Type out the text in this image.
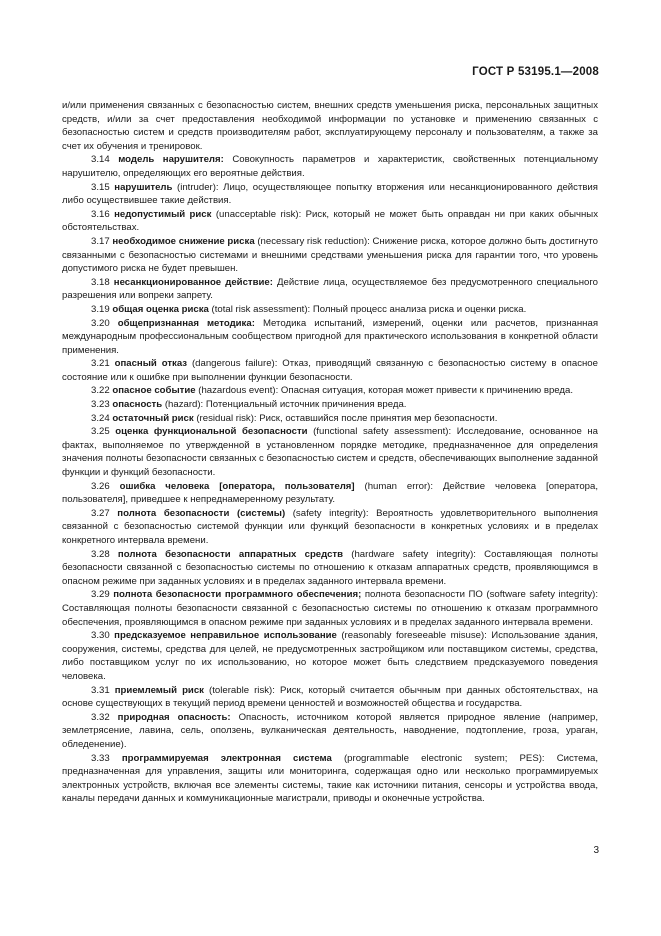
ГОСТ Р 53195.1—2008

и/или применения связанных с безопасностью систем, внешних средств уменьшения риска, персональных защитных средств, и/или за счет предоставления необходимой информации по установке и применению связанных с безопасностью систем и средств производителям работ, эксплуатирующему персоналу и пользователям, а также за счет их обучения и тренировок.

3.14 модель нарушителя: Совокупность параметров и характеристик, свойственных потенциальному нарушителю, определяющих его вероятные действия.

3.15 нарушитель (intruder): Лицо, осуществляющее попытку вторжения или несанкционированного действия либо осуществившее такие действия.

3.16 недопустимый риск (unacceptable risk): Риск, который не может быть оправдан ни при каких обычных обстоятельствах.

3.17 необходимое снижение риска (necessary risk reduction): Снижение риска, которое должно быть достигнуто связанными с безопасностью системами и внешними средствами уменьшения риска для гарантии того, что уровень допустимого риска не будет превышен.

3.18 несанкционированное действие: Действие лица, осуществляемое без предусмотренного специального разрешения или вопреки запрету.

3.19 общая оценка риска (total risk assessment): Полный процесс анализа риска и оценки риска.

3.20 общепризнанная методика: Методика испытаний, измерений, оценки или расчетов, признанная международным профессиональным сообществом пригодной для практического использования в конкретной области применения.

3.21 опасный отказ (dangerous failure): Отказ, приводящий связанную с безопасностью систему в опасное состояние или к ошибке при выполнении функции безопасности.

3.22 опасное событие (hazardous event): Опасная ситуация, которая может привести к причинению вреда.

3.23 опасность (hazard): Потенциальный источник причинения вреда.

3.24 остаточный риск (residual risk): Риск, оставшийся после принятия мер безопасности.

3.25 оценка функциональной безопасности (functional safety assessment): Исследование, основанное на фактах, выполняемое по утвержденной в установленном порядке методике, предназначенное для определения значения полноты безопасности связанных с безопасностью систем и средств, обеспечивающих выполнение заданной функции и функций безопасности.

3.26 ошибка человека [оператора, пользователя] (human error): Действие человека [оператора, пользователя], приведшее к непреднамеренному результату.

3.27 полнота безопасности (системы) (safety integrity): Вероятность удовлетворительного выполнения связанной с безопасностью системой функции или функций безопасности в конкретных условиях и в пределах конкретного интервала времени.

3.28 полнота безопасности аппаратных средств (hardware safety integrity): Составляющая полноты безопасности связанной с безопасностью системы по отношению к отказам аппаратных средств, проявляющимся в опасном режиме при заданных условиях и в пределах заданного интервала времени.

3.29 полнота безопасности программного обеспечения; полнота безопасности ПО (software safety integrity): Составляющая полноты безопасности связанной с безопасностью системы по отношению к отказам программного обеспечения, проявляющимся в опасном режиме при заданных условиях и в пределах заданного интервала времени.

3.30 предсказуемое неправильное использование (reasonably foreseeable misuse): Использование здания, сооружения, системы, средства для целей, не предусмотренных застройщиком или поставщиком системы, средства, либо поставщиком услуг по их использованию, но которое может быть следствием предсказуемого поведения человека.

3.31 приемлемый риск (tolerable risk): Риск, который считается обычным при данных обстоятельствах, на основе существующих в текущий период времени ценностей и возможностей общества и государства.

3.32 природная опасность: Опасность, источником которой является природное явление (например, землетрясение, лавина, сель, оползень, вулканическая деятельность, наводнение, подтопление, гроза, ураган, обледенение).

3.33 программируемая электронная система (programmable electronic system; PES): Система, предназначенная для управления, защиты или мониторинга, содержащая одно или несколько программируемых электронных устройств, включая все элементы системы, такие как источники питания, сенсоры и устройства ввода, каналы передачи данных и коммуникационные магистрали, приводы и оконечные устройства.

3
